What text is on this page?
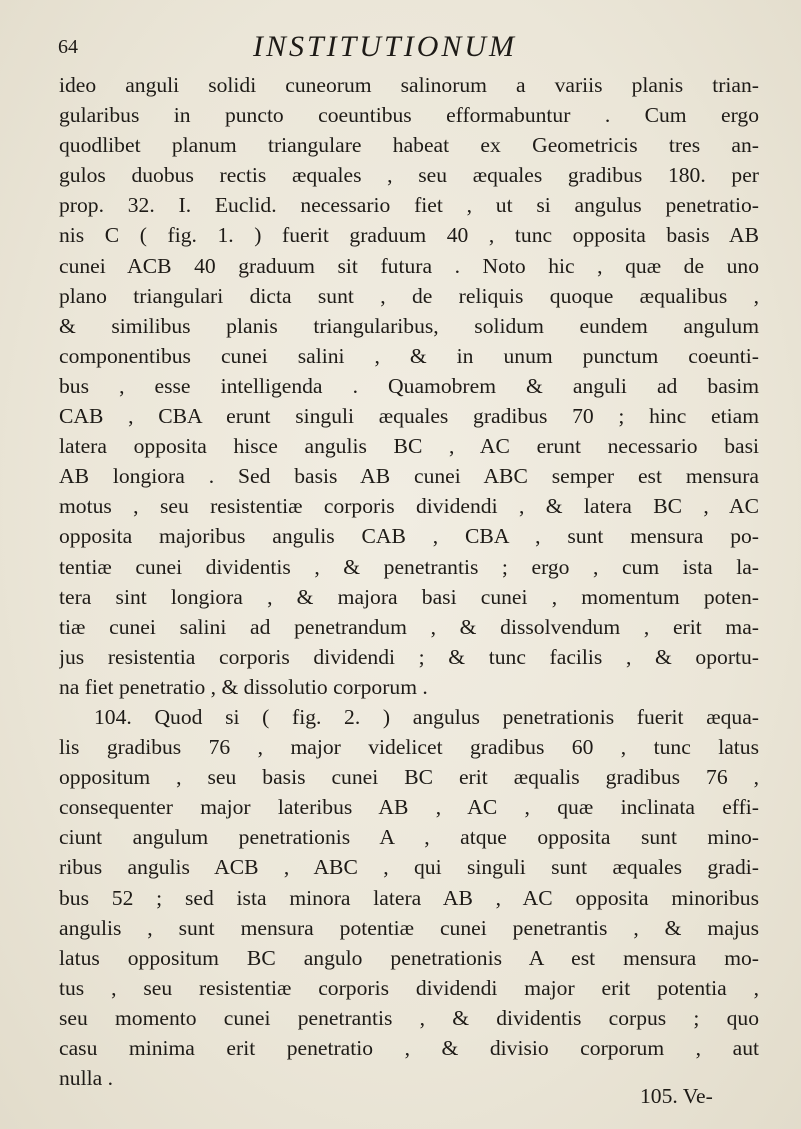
64	INSTITUTIONUM
ideo anguli solidi cuneorum salinorum a variis planis trian-
gularibus in puncto coeuntibus efformabuntur . Cum ergo
quodlibet planum triangulare habeat ex Geometricis tres an-
gulos duobus rectis æquales , seu æquales gradibus 180. per
prop. 32. I. Euclid. necessario fiet , ut si angulus penetratio-
nis C ( fig. 1. ) fuerit graduum 40 , tunc opposita basis AB
cunei ACB 40 graduum sit futura . Noto hic , quæ de uno
plano triangulari dicta sunt , de reliquis quoque æqualibus ,
& similibus planis triangularibus, solidum eundem angulum
componentibus cunei salini , & in unum punctum coeunti-
bus , esse intelligenda . Quamobrem & anguli ad basim
CAB , CBA erunt singuli æquales gradibus 70 ; hinc etiam
latera opposita hisce angulis BC , AC erunt necessario basi
AB longiora . Sed basis AB cunei ABC semper est mensura
motus , seu resistentiæ corporis dividendi , & latera BC , AC
opposita majoribus angulis CAB , CBA , sunt mensura po-
tentiæ cunei dividentis , & penetrantis ; ergo , cum ista la-
tera sint longiora , & majora basi cunei , momentum poten-
tiæ cunei salini ad penetrandum , & dissolvendum , erit ma-
jus resistentia corporis dividendi ; & tunc facilis , & oportu-
na fiet penetratio , & dissolutio corporum .
104. Quod si ( fig. 2. ) angulus penetrationis fuerit æqua-
lis gradibus 76 , major videlicet gradibus 60 , tunc latus
oppositum , seu basis cunei BC erit æqualis gradibus 76 ,
consequenter major lateribus AB , AC , quæ inclinata effi-
ciunt angulum penetrationis A , atque opposita sunt mino-
ribus angulis ACB , ABC , qui singuli sunt æquales gradi-
bus 52 ; sed ista minora latera AB , AC opposita minoribus
angulis , sunt mensura potentiæ cunei penetrantis , & majus
latus oppositum BC angulo penetrationis A est mensura mo-
tus , seu resistentiæ corporis dividendi major erit potentia ,
seu momento cunei penetrantis , & dividentis corpus ; quo
casu minima erit penetratio , & divisio corporum , aut
nulla .
105. Ve-
